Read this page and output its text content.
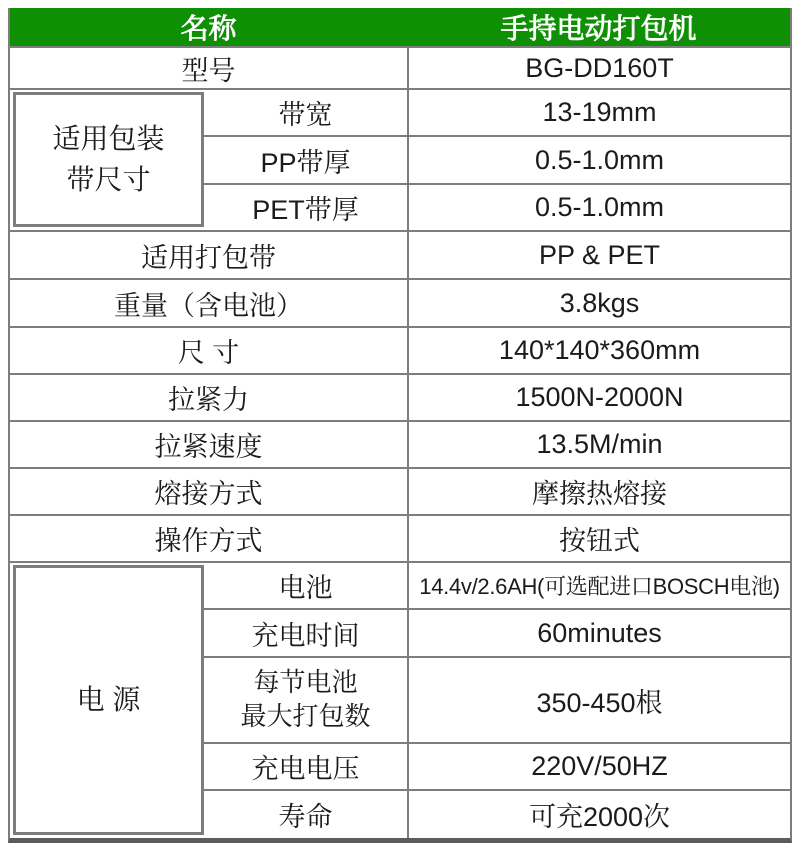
名称	手持电动打包机
型号	BG-DD160T
适用包装
带尺寸
带宽	13-19mm
PP带厚	0.5-1.0mm
PET带厚	0.5-1.0mm
适用打包带	PP & PET
重量（含电池）	3.8kgs
尺 寸	140*140*360mm
拉紧力	1500N-2000N
拉紧速度	13.5M/min
熔接方式	摩擦热熔接
操作方式	按钮式
电 源
电池	14.4v/2.6AH(可选配进口BOSCH电池)
充电时间	60minutes
每节电池
最大打包数	350-450根
充电电压	220V/50HZ
寿命	可充2000次
